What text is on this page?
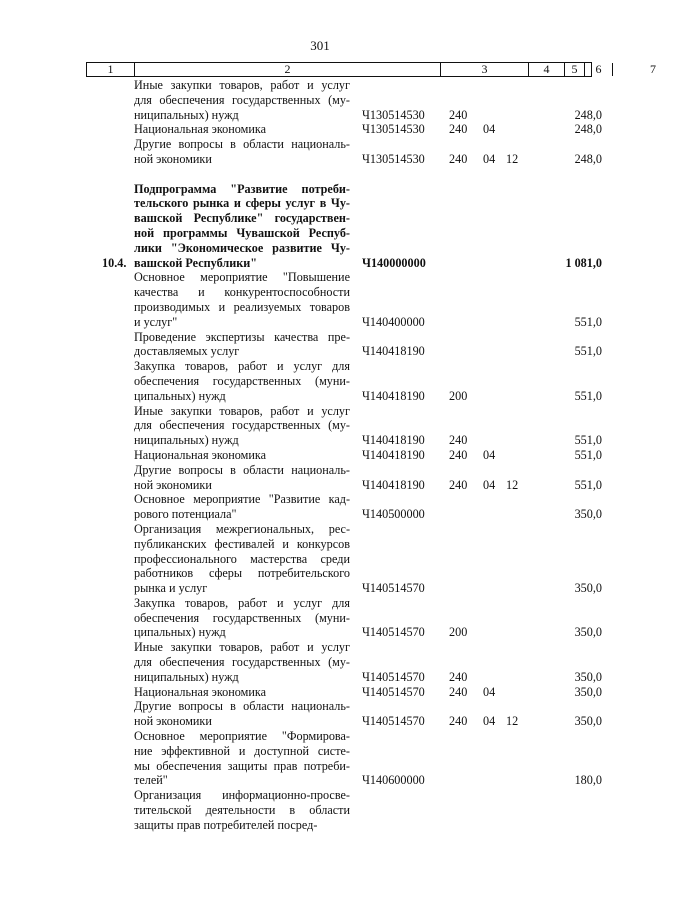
301
1	2	3	4	5	6	7
Иные закупки товаров, работ и услуг
для обеспечения государственных (му-
ниципальных) нужд	Ч130514530 240	248,0
Национальная экономика	Ч130514530 240 04	248,0
Другие вопросы в области националь-
ной экономики	Ч130514530 240 04 12	248,0
10.4.
Подпрограмма "Развитие потреби-
тельского рынка и сферы услуг в Чу-
вашской Республике" государствен-
ной программы Чувашской Респуб-
лики "Экономическое развитие Чу-
вашской Республики"	Ч140000000	1 081,0
Основное мероприятие "Повышение
качества и конкурентоспособности
производимых и реализуемых товаров
и услуг"	Ч140400000	551,0
Проведение экспертизы качества пре-
доставляемых услуг	Ч140418190	551,0
Закупка товаров, работ и услуг для
обеспечения государственных (муни-
ципальных) нужд	Ч140418190 200	551,0
Иные закупки товаров, работ и услуг
для обеспечения государственных (му-
ниципальных) нужд	Ч140418190 240	551,0
Национальная экономика	Ч140418190 240 04	551,0
Другие вопросы в области националь-
ной экономики	Ч140418190 240 04 12	551,0
Основное мероприятие "Развитие кад-
рового потенциала"	Ч140500000	350,0
Организация межрегиональных, рес-
публиканских фестивалей и конкурсов
профессионального мастерства среди
работников сферы потребительского
рынка и услуг	Ч140514570	350,0
Закупка товаров, работ и услуг для
обеспечения государственных (муни-
ципальных) нужд	Ч140514570 200	350,0
Иные закупки товаров, работ и услуг
для обеспечения государственных (му-
ниципальных) нужд	Ч140514570 240	350,0
Национальная экономика	Ч140514570 240 04	350,0
Другие вопросы в области националь-
ной экономики	Ч140514570 240 04 12	350,0
Основное мероприятие "Формирова-
ние эффективной и доступной систе-
мы обеспечения защиты прав потреби-
телей"	Ч140600000	180,0
Организация информационно-просве-
тительской деятельности в области
защиты прав потребителей посред-
